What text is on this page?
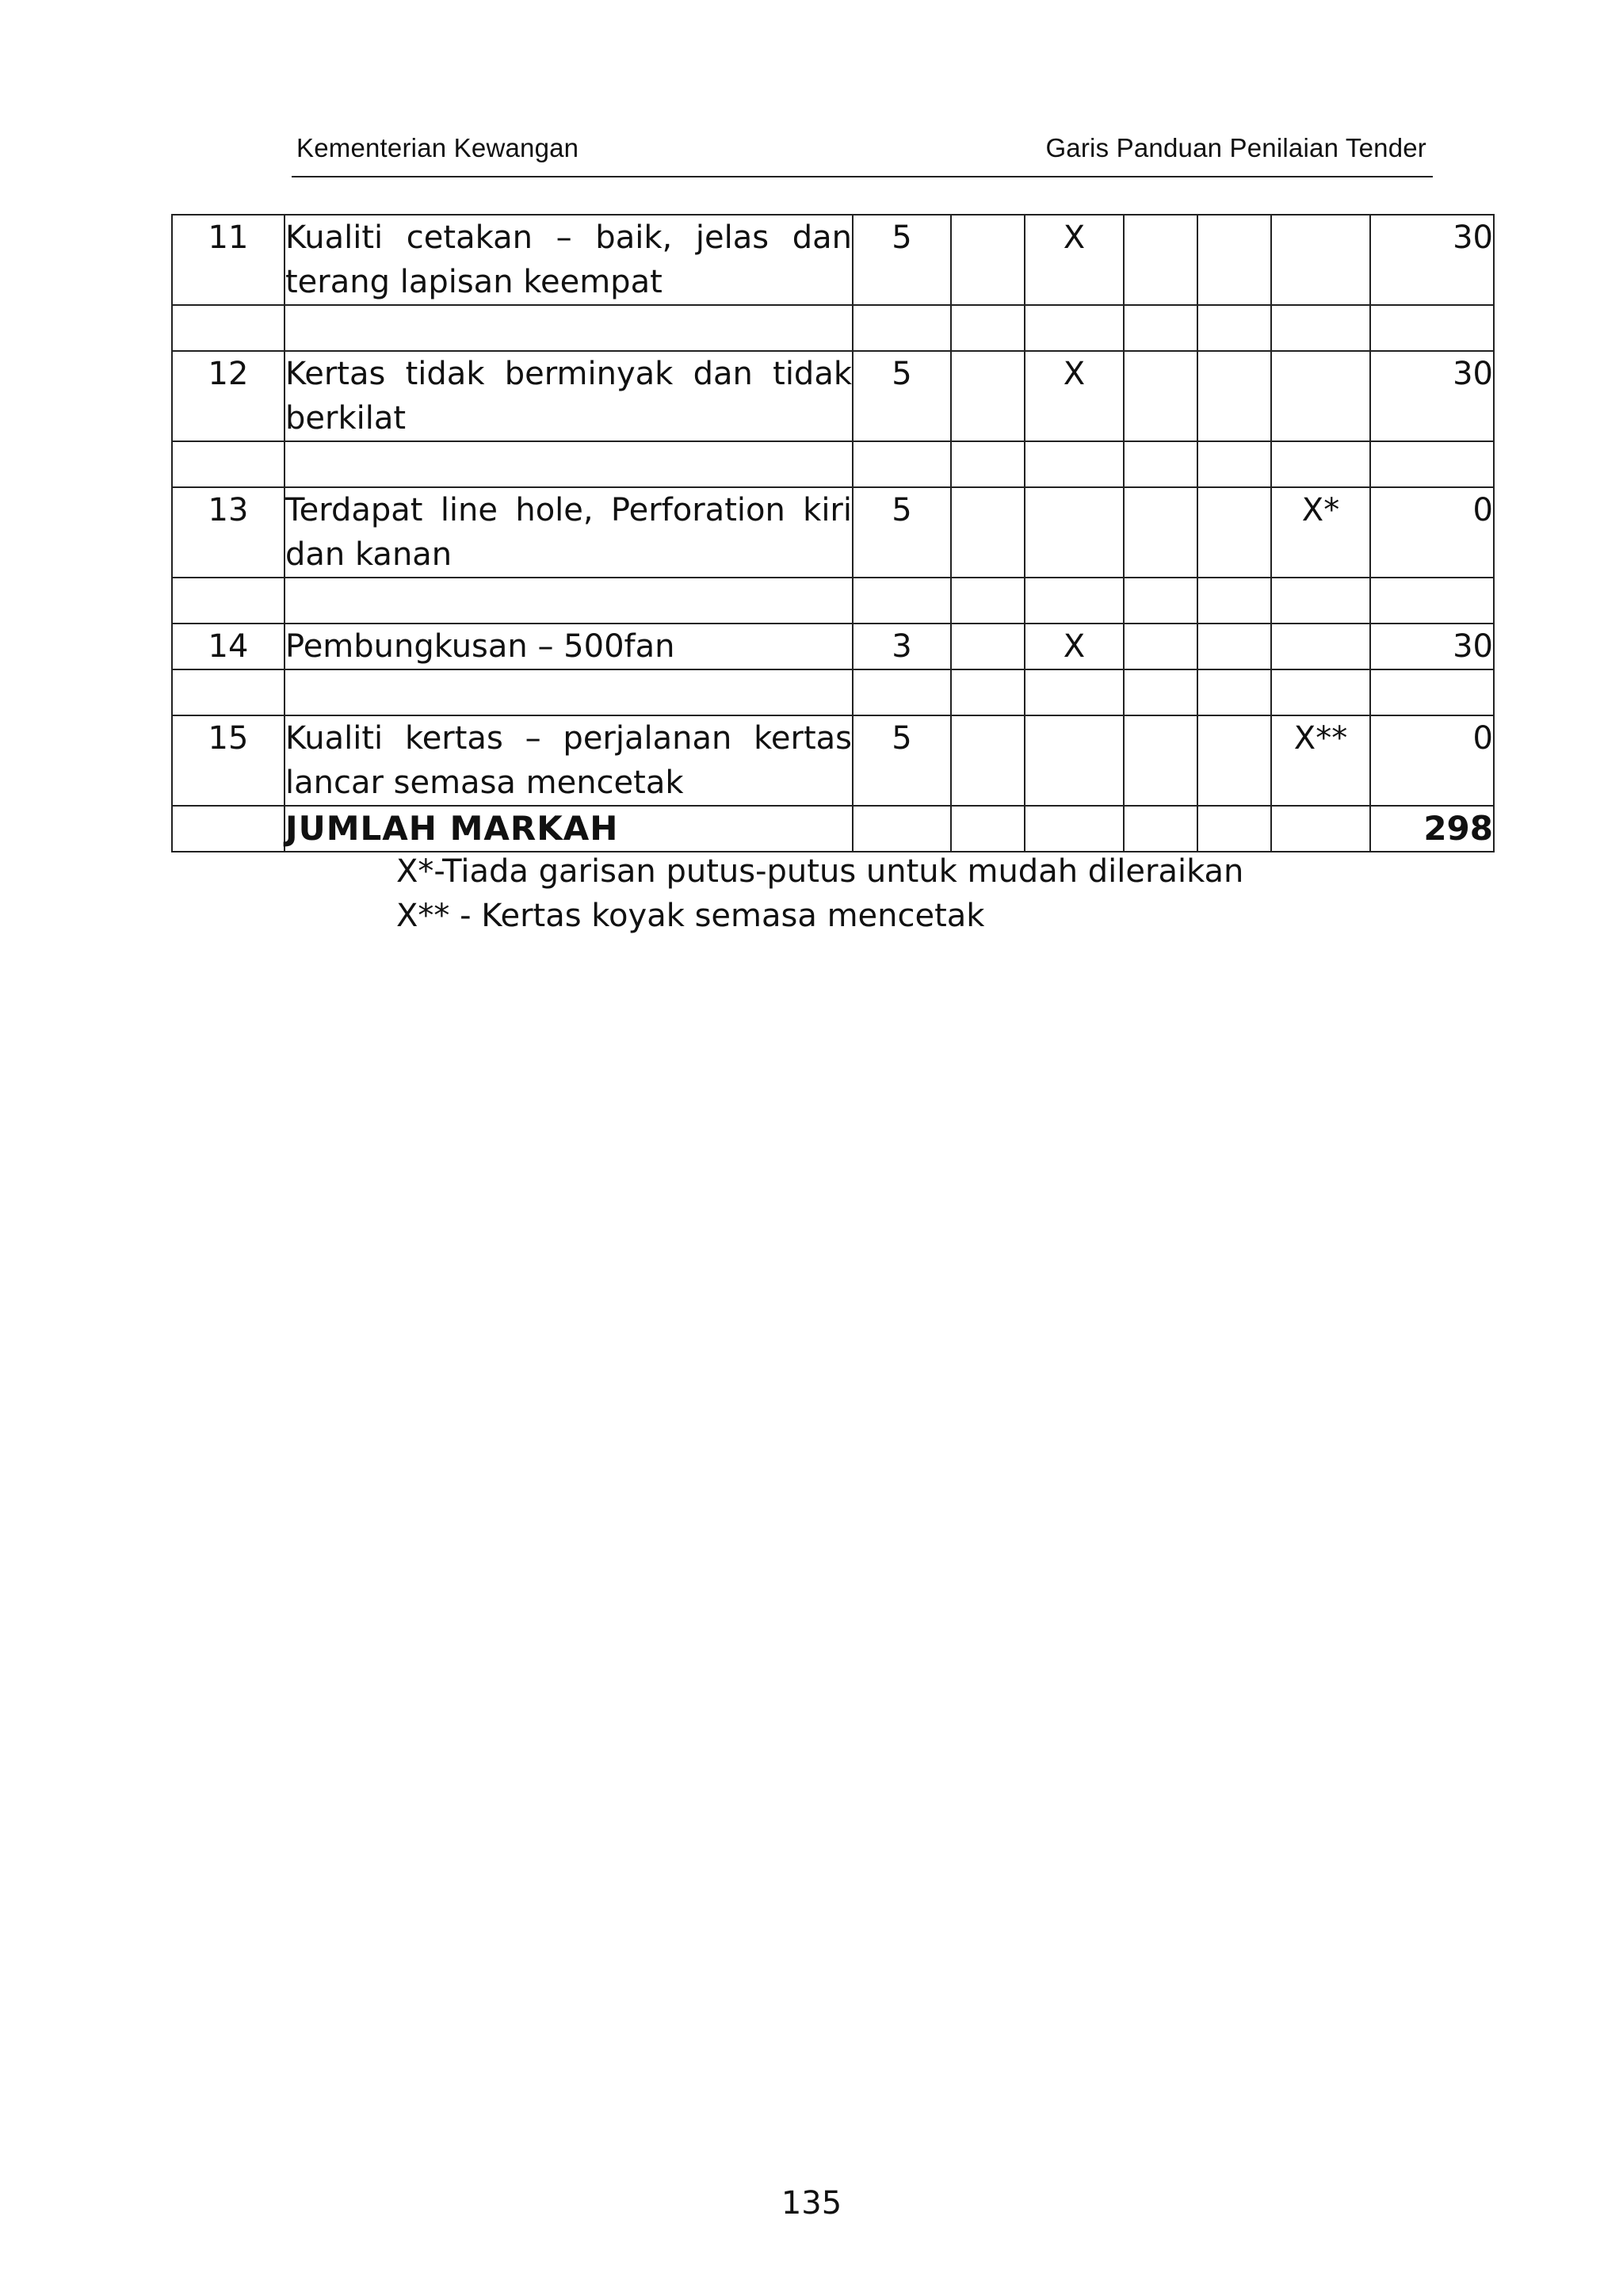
Kementerian Kewangan	Garis Panduan Penilaian Tender
11	Kualiti cetakan – baik, jelas dan terang lapisan keempat	5		X				30

12	Kertas tidak berminyak dan tidak berkilat	5		X				30

13	Terdapat line hole, Perforation kiri dan kanan	5					X*	0

14	Pembungkusan – 500fan	3		X				30

15	Kualiti kertas – perjalanan kertas lancar semasa mencetak	5					X**	0
	JUMLAH MARKAH							298
X*-Tiada garisan putus-putus untuk mudah dileraikan
X** - Kertas koyak semasa mencetak
135
